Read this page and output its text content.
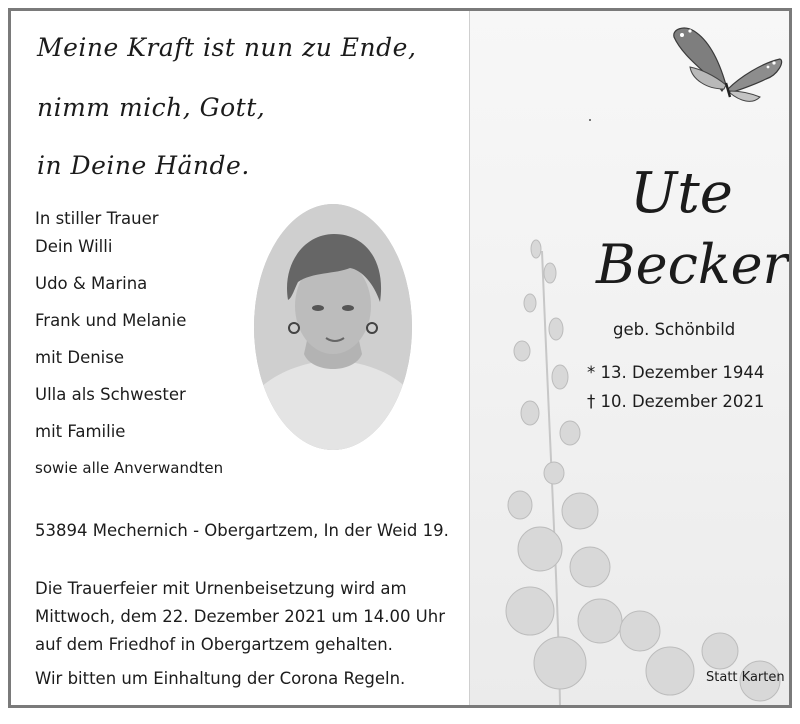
Ute
Becker
geb. Schönbild
* 13. Dezember 1944
† 10. Dezember 2021
Statt Karten
Meine Kraft ist nun zu Ende,
nimm mich, Gott,
in Deine Hände.
In stiller Trauer
Dein Willi
Udo & Marina
Frank und Melanie
mit Denise
Ulla als Schwester
mit Familie
sowie alle Anverwandten
53894 Mechernich - Obergartzem, In der Weid 19.
Die Trauerfeier mit Urnenbeisetzung wird am
Mittwoch, dem 22. Dezember 2021 um 14.00 Uhr
auf dem Friedhof in Obergartzem gehalten.
Wir bitten um Einhaltung der Corona Regeln.
